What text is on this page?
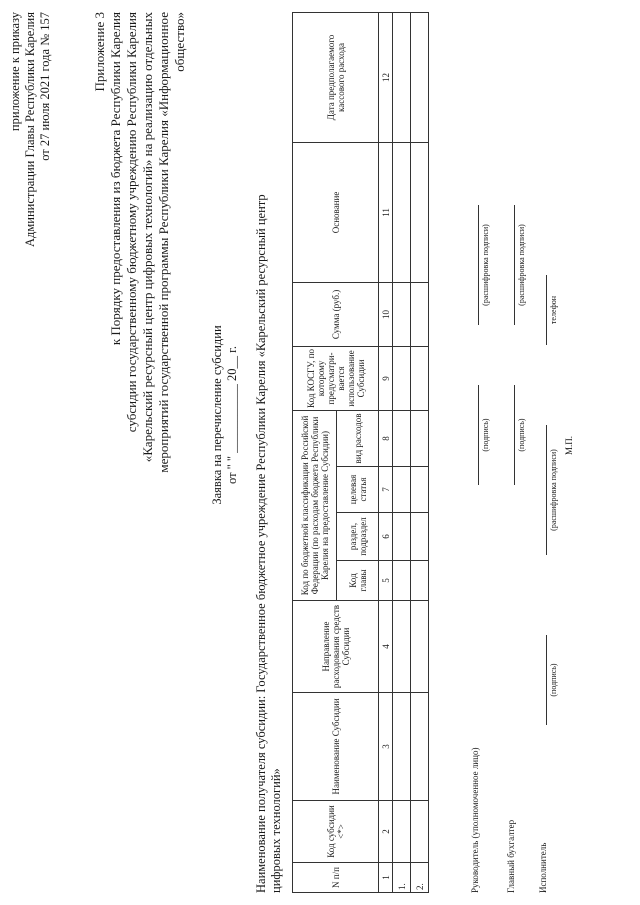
приложение к приказу Администрации Главы Республики Карелия от 27 июля 2021 года № 157	Приложение 3 к Порядку предоставления из бюджета Республики Карелия субсидии государственному бюджетному учреждению Республики Карелия «Карельский ресурсный центр цифровых технологий» на реализацию отдельных мероприятий государственной программы Республики Карелия «Информационное общество»
Заявка на перечисление субсидии от " " ___________ 20__ г. Наименование получателя субсидии: Государственное бюджетное учреждение Республики Карелия «Карельский ресурсный центр цифровых технологий»	N п/п	Код субсидии <*>	Наименование Субсидии	Направление расходования средств Субсидии	Код по бюджетной классификации Российской Федерации (по расходам бюджета Республики Карелия на предоставление Субсидии)				Код КОСГУ, по которому предусматри-вается использование Субсидии	Сумма (руб.)	Основание	Дата предполагаемого кассового расхода
				Код главы	раздел, подраздел	целевая статья	вид расходов				
1	2	3	4	5	6	7	8	9	10	11	12
1.											
2.												Руководитель (уполномоченное лицо)
(подпись)
(расшифровка подписи)
Главный бухгалтер
(подпись)
(расшифровка подписи)
Исполнитель
(подпись)
(расшифровка подписи)
телефон
М.П.
